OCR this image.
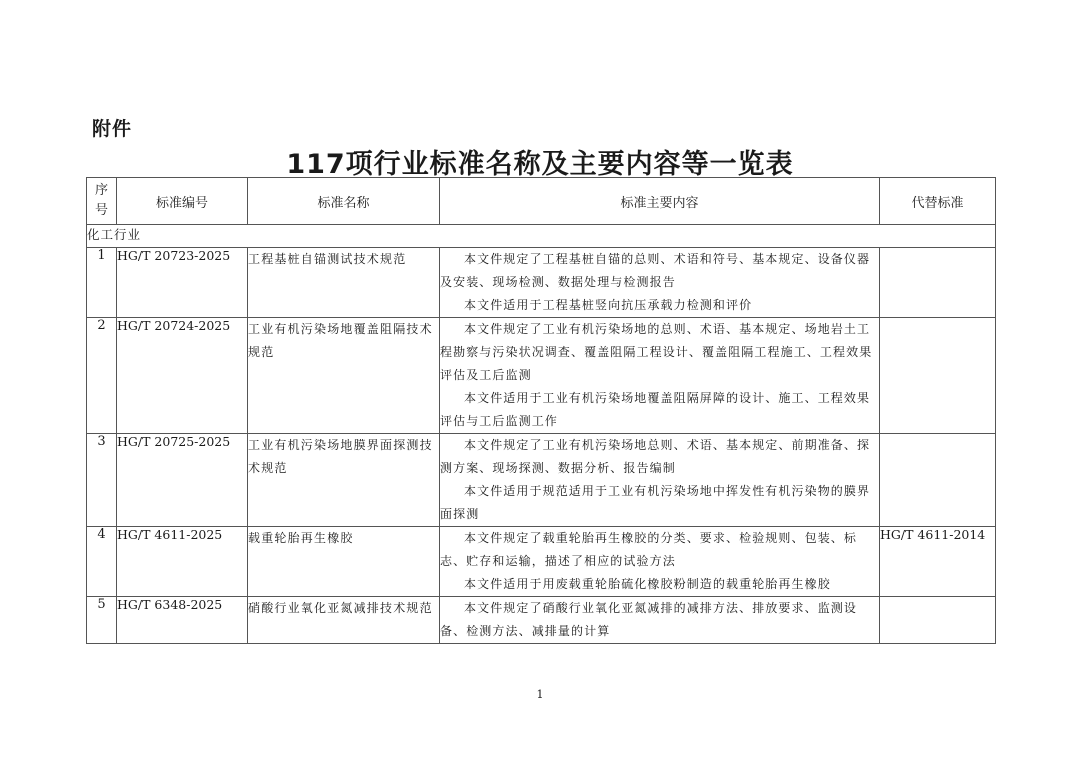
附件
117项行业标准名称及主要内容等一览表
序
号	标准编号	标准名称	标准主要内容	代替标准
化工行业				
1	HG/T 20723-2025	工程基桩自锚测试技术规范	本文件规定了工程基桩自锚的总则、术语和符号、基本规定、设备仪器及安装、现场检测、数据处理与检测报告

本文件适用于工程基桩竖向抗压承载力检测和评价	

2	HG/T 20724-2025	工业有机污染场地覆盖阻隔技术规范	本文件规定了工业有机污染场地的总则、术语、基本规定、场地岩土工程勘察与污染状况调查、覆盖阻隔工程设计、覆盖阻隔工程施工、工程效果评估及工后监测

本文件适用于工业有机污染场地覆盖阻隔屏障的设计、施工、工程效果评估与工后监测工作	

3	HG/T 20725-2025	工业有机污染场地膜界面探测技术规范	本文件规定了工业有机污染场地总则、术语、基本规定、前期准备、探测方案、现场探测、数据分析、报告编制

本文件适用于规范适用于工业有机污染场地中挥发性有机污染物的膜界面探测	

4	HG/T 4611-2025	载重轮胎再生橡胶	本文件规定了载重轮胎再生橡胶的分类、要求、检验规则、包装、标志、贮存和运输，描述了相应的试验方法

本文件适用于用废载重轮胎硫化橡胶粉制造的载重轮胎再生橡胶	HG/T 4611-2014
5	HG/T 6348-2025	硝酸行业氧化亚氮减排技术规范	本文件规定了硝酸行业氧化亚氮减排的减排方法、排放要求、监测设备、检测方法、减排量的计算	

1
